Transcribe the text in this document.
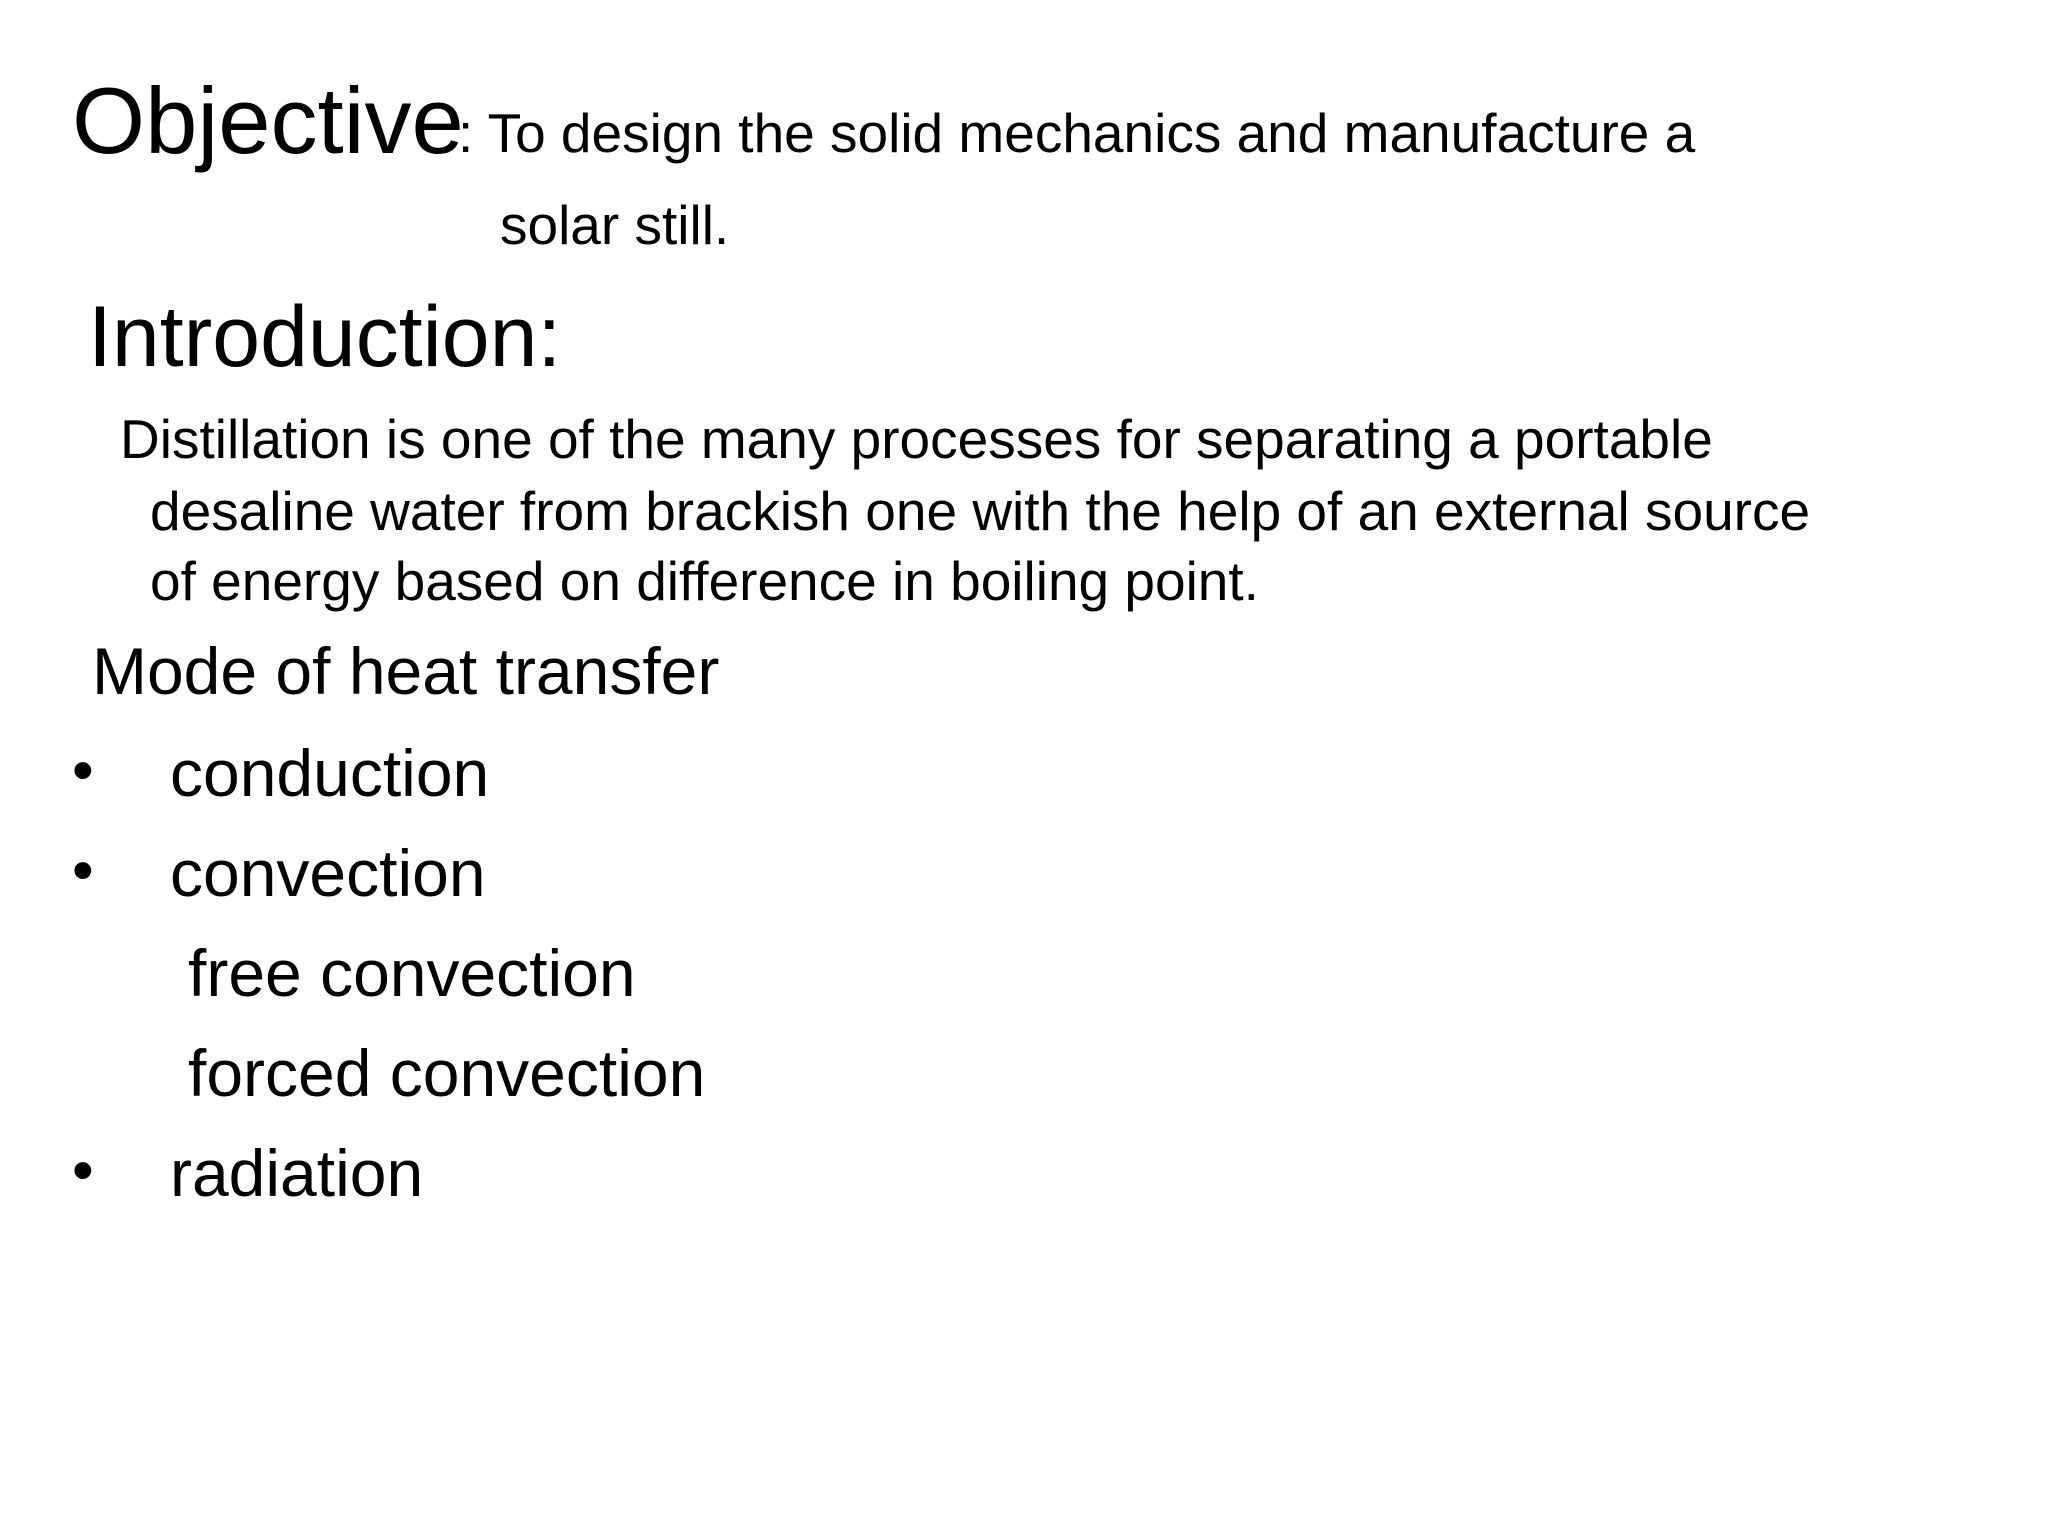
Objective
: To design the solid mechanics and manufacture a
solar still.
Introduction:
Distillation is one of the many processes for separating a portable
desaline water from brackish one with the help of an external source
of energy based on difference in boiling point.
Mode of heat transfer
• conduction
• convection
free convection
forced convection
• radiation
